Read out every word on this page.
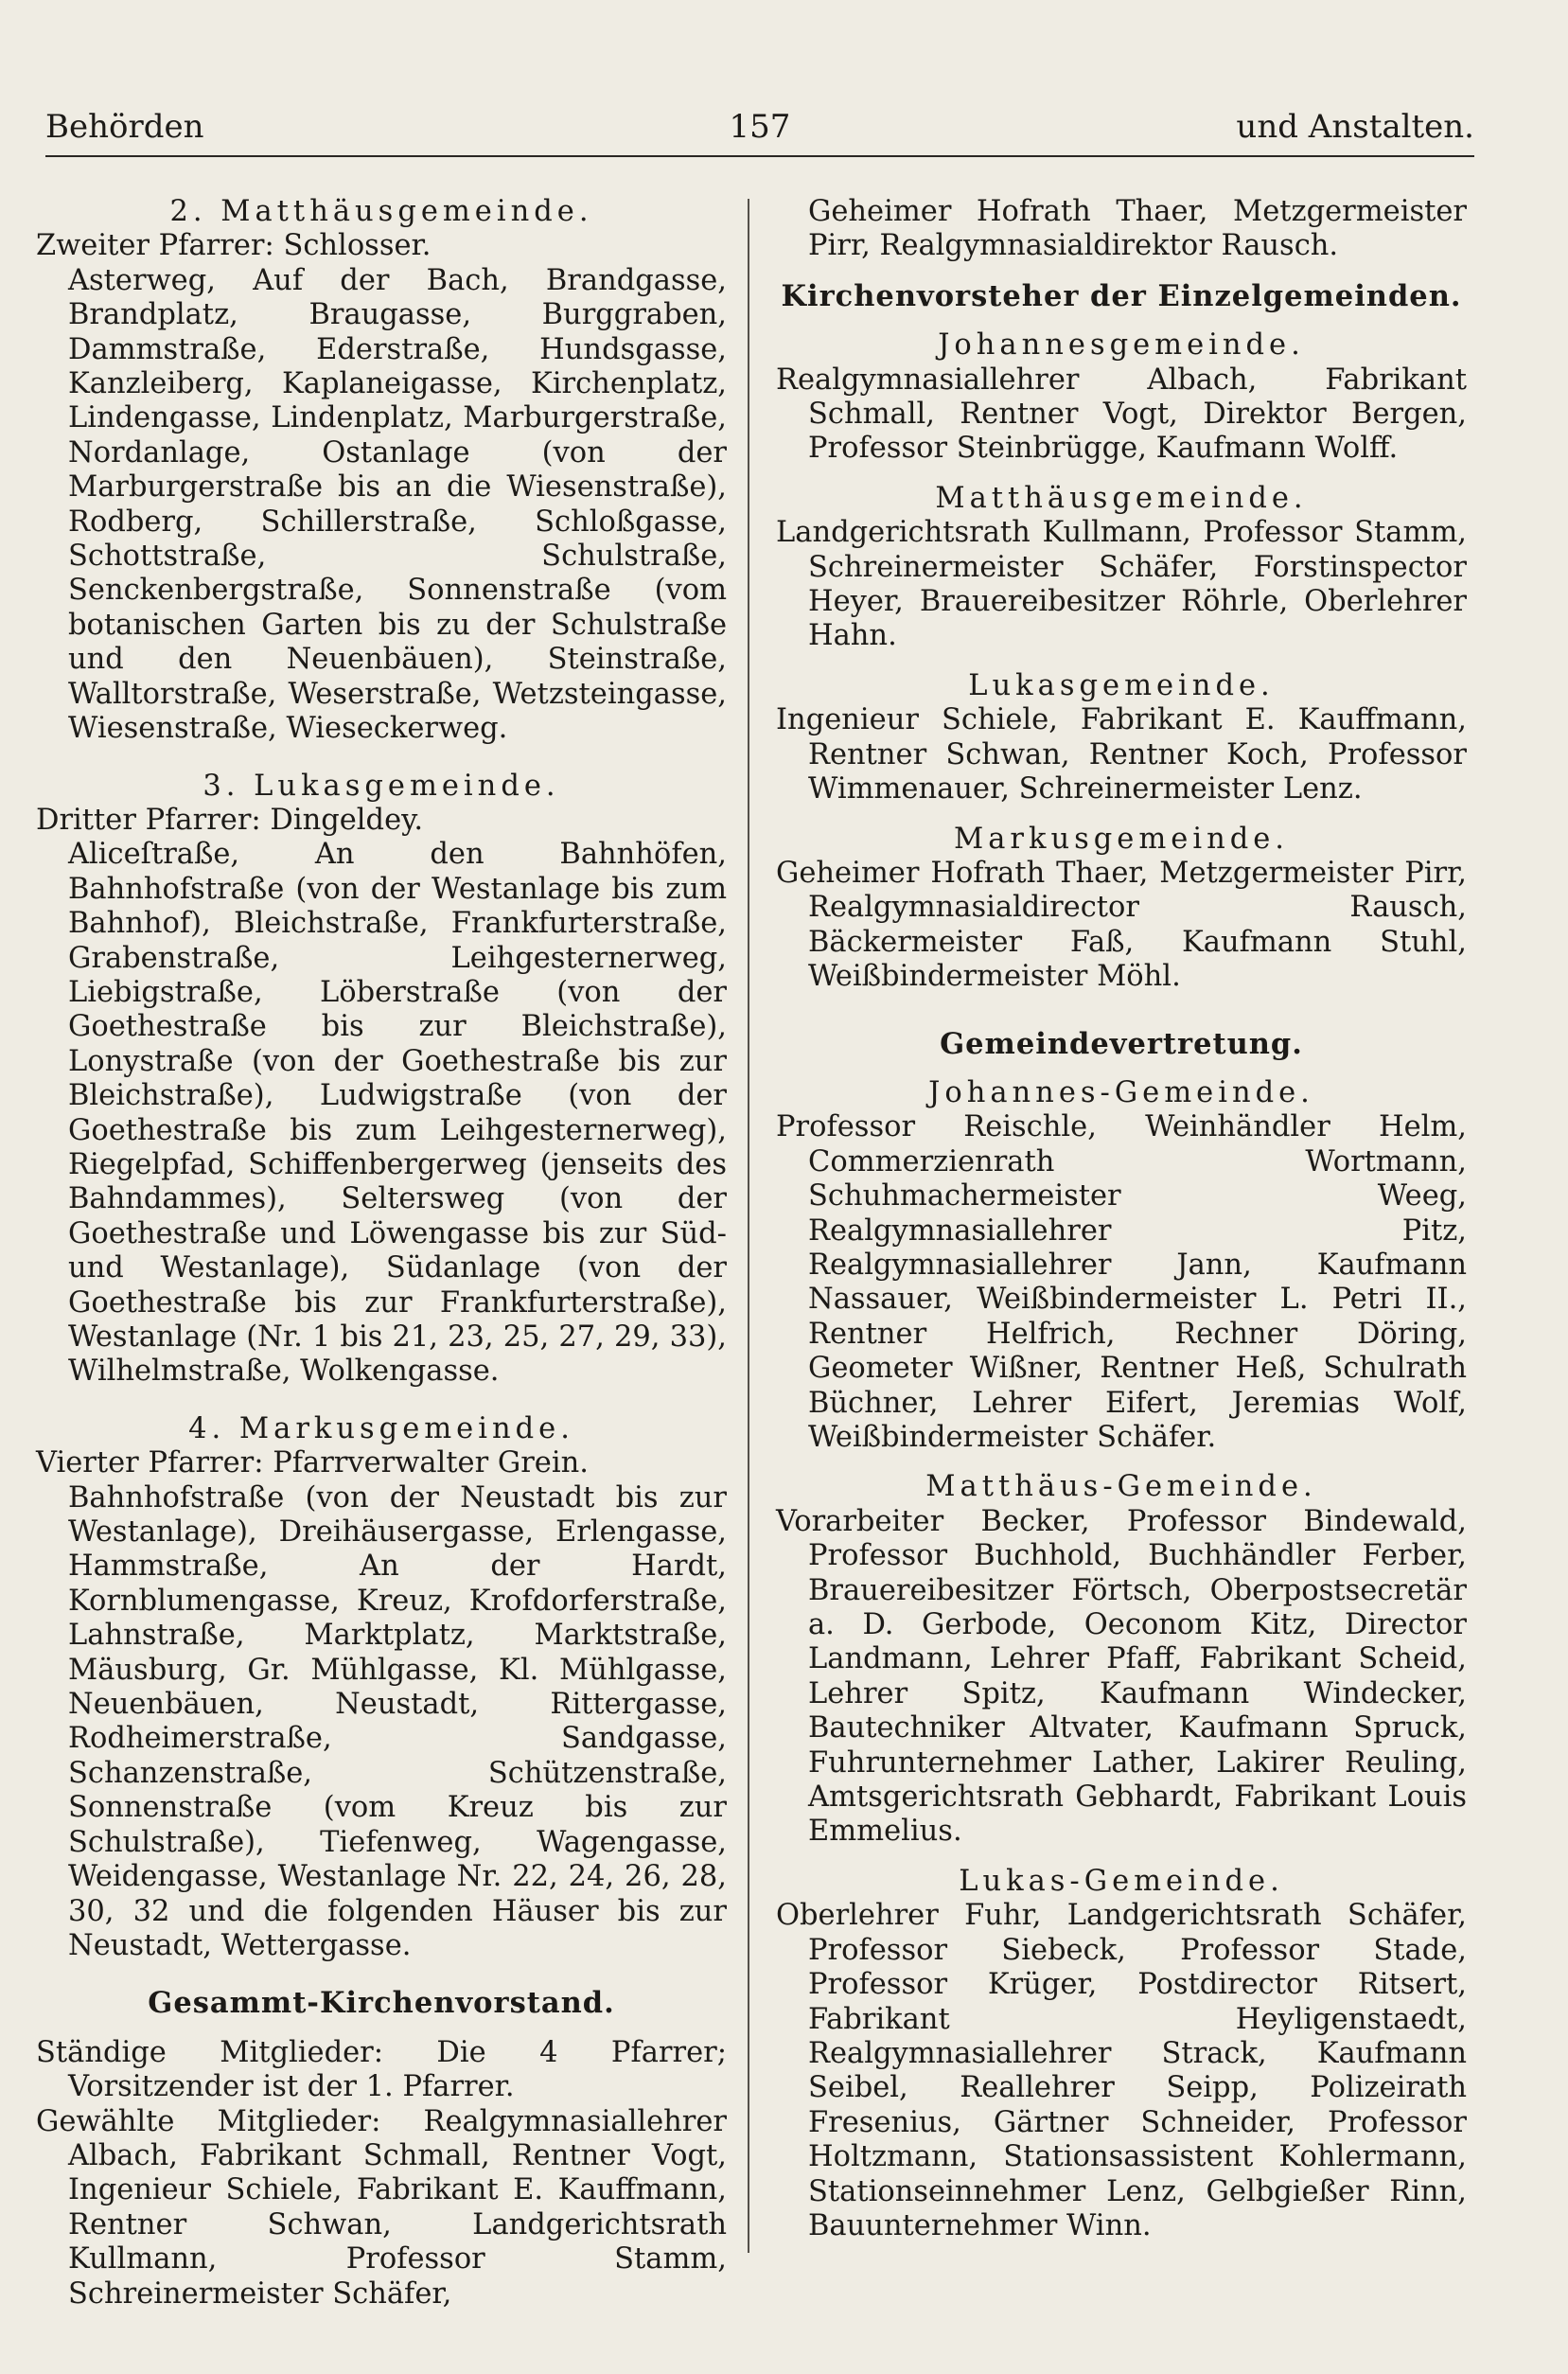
Behörden	157	und Anstalten.

2. Matthäusgemeinde.

Zweiter Pfarrer: Schlosser.

Asterweg, Auf der Bach, Brandgasse, Brandplatz, Braugasse, Burggraben, Dammstraße, Ederstraße, Hundsgasse, Kanzleiberg, Kaplaneigasse, Kirchenplatz, Lindengasse, Lindenplatz, Marburgerstraße, Nordanlage, Ostanlage (von der Marburgerstraße bis an die Wiesenstraße), Rodberg, Schillerstraße, Schloßgasse, Schottstraße, Schulstraße, Senckenbergstraße, Sonnenstraße (vom botanischen Garten bis zu der Schulstraße und den Neuenbäuen), Steinstraße, Walltorstraße, Weserstraße, Wetzsteingasse, Wiesenstraße, Wieseckerweg.

3. Lukasgemeinde.

Dritter Pfarrer: Dingeldey.

Aliceſtraße, An den Bahnhöfen, Bahnhofstraße (von der Westanlage bis zum Bahnhof), Bleichstraße, Frankfurterstraße, Grabenstraße, Leihgesternerweg, Liebigstraße, Löberstraße (von der Goethestraße bis zur Bleichstraße), Lonystraße (von der Goethestraße bis zur Bleichstraße), Ludwigstraße (von der Goethestraße bis zum Leihgesternerweg), Riegelpfad, Schiffenbergerweg (jenseits des Bahndammes), Seltersweg (von der Goethestraße und Löwengasse bis zur Süd- und Westanlage), Südanlage (von der Goethestraße bis zur Frankfurterstraße), Westanlage (Nr. 1 bis 21, 23, 25, 27, 29, 33), Wilhelmstraße, Wolkengasse.

4. Markusgemeinde.

Vierter Pfarrer: Pfarrverwalter Grein.

Bahnhofstraße (von der Neustadt bis zur Westanlage), Dreihäusergasse, Erlengasse, Hammstraße, An der Hardt, Kornblumengasse, Kreuz, Krofdorferstraße, Lahnstraße, Marktplatz, Marktstraße, Mäusburg, Gr. Mühlgasse, Kl. Mühlgasse, Neuenbäuen, Neustadt, Rittergasse, Rodheimerstraße, Sandgasse, Schanzenstraße, Schützenstraße, Sonnenstraße (vom Kreuz bis zur Schulstraße), Tiefenweg, Wagengasse, Weidengasse, Westanlage Nr. 22, 24, 26, 28, 30, 32 und die folgenden Häuser bis zur Neustadt, Wettergasse.

Gesammt-Kirchenvorstand.

Ständige Mitglieder: Die 4 Pfarrer; Vorsitzender ist der 1. Pfarrer.

Gewählte Mitglieder: Realgymnasiallehrer Albach, Fabrikant Schmall, Rentner Vogt, Ingenieur Schiele, Fabrikant E. Kauffmann, Rentner Schwan, Landgerichtsrath Kullmann, Professor Stamm, Schreinermeister Schäfer,

Geheimer Hofrath Thaer, Metzgermeister Pirr, Realgymnasialdirektor Rausch.

Kirchenvorsteher der Einzelgemeinden.

Johannesgemeinde.

Realgymnasiallehrer Albach, Fabrikant Schmall, Rentner Vogt, Direktor Bergen, Professor Steinbrügge, Kaufmann Wolff.

Matthäusgemeinde.

Landgerichtsrath Kullmann, Professor Stamm, Schreinermeister Schäfer, Forstinspector Heyer, Brauereibesitzer Röhrle, Oberlehrer Hahn.

Lukasgemeinde.

Ingenieur Schiele, Fabrikant E. Kauffmann, Rentner Schwan, Rentner Koch, Professor Wimmenauer, Schreinermeister Lenz.

Markusgemeinde.

Geheimer Hofrath Thaer, Metzgermeister Pirr, Realgymnasialdirector Rausch, Bäckermeister Faß, Kaufmann Stuhl, Weißbindermeister Möhl.

Gemeindevertretung.

Johannes-Gemeinde.

Professor Reischle, Weinhändler Helm, Commerzienrath Wortmann, Schuhmachermeister Weeg, Realgymnasiallehrer Pitz, Realgymnasiallehrer Jann, Kaufmann Nassauer, Weißbindermeister L. Petri II., Rentner Helfrich, Rechner Döring, Geometer Wißner, Rentner Heß, Schulrath Büchner, Lehrer Eifert, Jeremias Wolf, Weißbindermeister Schäfer.

Matthäus-Gemeinde.

Vorarbeiter Becker, Professor Bindewald, Professor Buchhold, Buchhändler Ferber, Brauereibesitzer Förtsch, Oberpostsecretär a. D. Gerbode, Oeconom Kitz, Director Landmann, Lehrer Pfaff, Fabrikant Scheid, Lehrer Spitz, Kaufmann Windecker, Bautechniker Altvater, Kaufmann Spruck, Fuhrunternehmer Lather, Lakirer Reuling, Amtsgerichtsrath Gebhardt, Fabrikant Louis Emmelius.

Lukas-Gemeinde.

Oberlehrer Fuhr, Landgerichtsrath Schäfer, Professor Siebeck, Professor Stade, Professor Krüger, Postdirector Ritsert, Fabrikant Heyligenstaedt, Realgymnasiallehrer Strack, Kaufmann Seibel, Reallehrer Seipp, Polizeirath Fresenius, Gärtner Schneider, Professor Holtzmann, Stationsassistent Kohlermann, Stationseinnehmer Lenz, Gelbgießer Rinn, Bauunternehmer Winn.
